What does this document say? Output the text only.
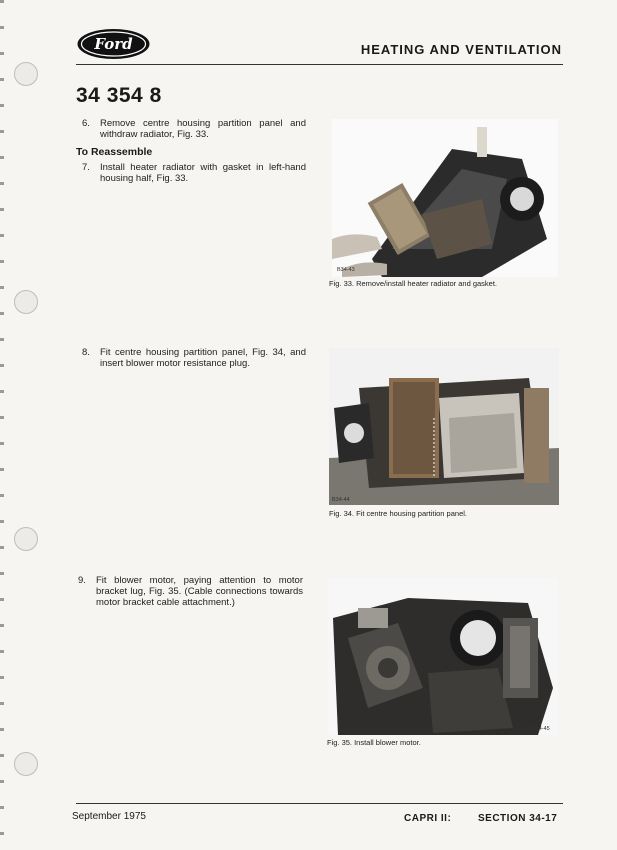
Ford	HEATING AND VENTILATION
34 354 8
6. Remove centre housing partition panel and withdraw radiator, Fig. 33.
To Reassemble
7. Install heater radiator with gasket in left-hand housing half, Fig. 33.
B34-43
Fig. 33. Remove/install heater radiator and gasket.
8. Fit centre housing partition panel, Fig. 34, and insert blower motor resistance plug.
B34-44
Fig. 34. Fit centre housing partition panel.
9. Fit blower motor, paying attention to motor bracket lug, Fig. 35. (Cable connections towards motor bracket cable attachment.)
B34-45
Fig. 35. Install blower motor.
September 1975	CAPRI II:	SECTION 34-17
